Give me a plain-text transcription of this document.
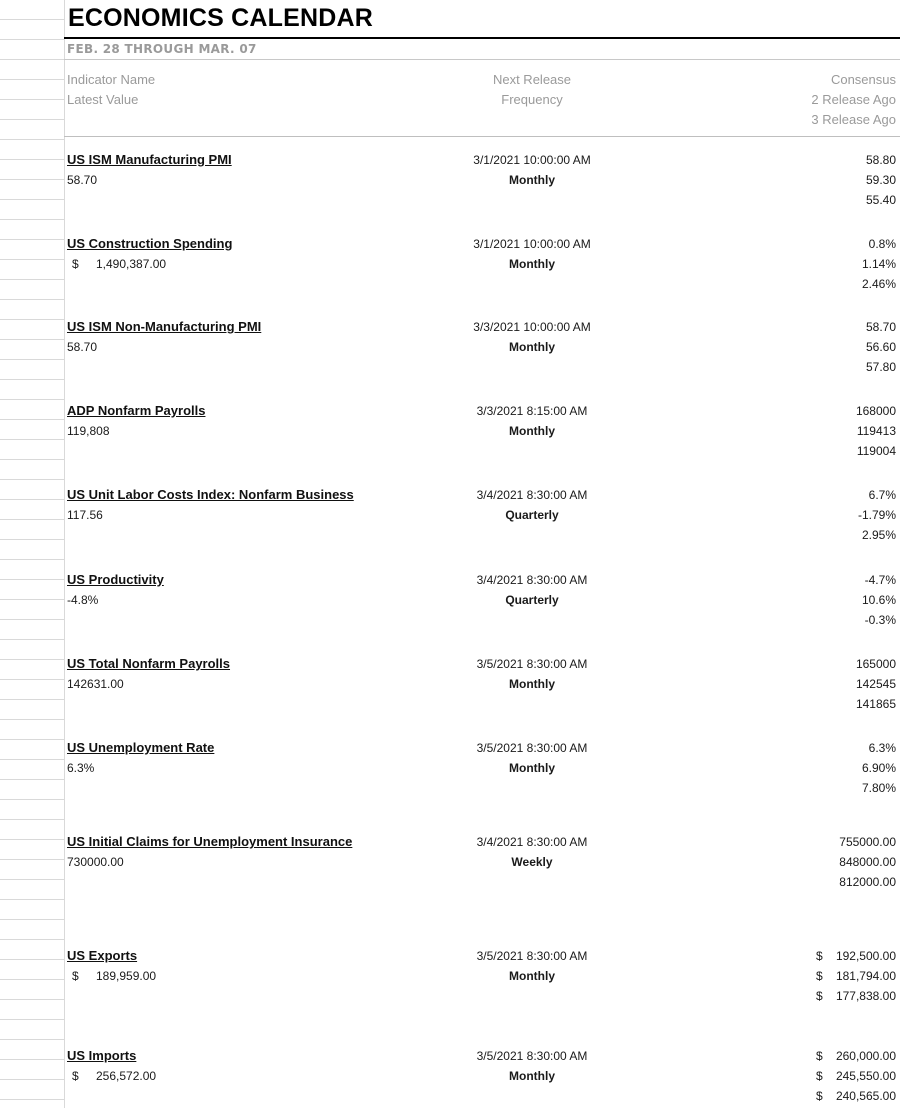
ECONOMICS CALENDAR
FEB. 28 THROUGH MAR. 07
Indicator Name
Latest Value
Next Release
Frequency
Consensus
2 Release Ago
3 Release Ago
US ISM Manufacturing PMI
58.70
3/1/2021 10:00:00 AM
Monthly
58.80
59.30
55.40
US Construction Spending
$ 1,490,387.00
3/1/2021 10:00:00 AM
Monthly
0.8%
1.14%
2.46%
US ISM Non-Manufacturing PMI
58.70
3/3/2021 10:00:00 AM
Monthly
58.70
56.60
57.80
ADP Nonfarm Payrolls
119,808
3/3/2021 8:15:00 AM
Monthly
168000
119413
119004
US Unit Labor Costs Index: Nonfarm Business
117.56
3/4/2021 8:30:00 AM
Quarterly
6.7%
-1.79%
2.95%
US Productivity
-4.8%
3/4/2021 8:30:00 AM
Quarterly
-4.7%
10.6%
-0.3%
US Total Nonfarm Payrolls
142631.00
3/5/2021 8:30:00 AM
Monthly
165000
142545
141865
US Unemployment Rate
6.3%
3/5/2021 8:30:00 AM
Monthly
6.3%
6.90%
7.80%
US Initial Claims for Unemployment Insurance
730000.00
3/4/2021 8:30:00 AM
Weekly
755000.00
848000.00
812000.00
US Exports
$ 189,959.00
3/5/2021 8:30:00 AM
Monthly
$ 192,500.00
$ 181,794.00
$ 177,838.00
US Imports
$ 256,572.00
3/5/2021 8:30:00 AM
Monthly
$ 260,000.00
$ 245,550.00
$ 240,565.00
